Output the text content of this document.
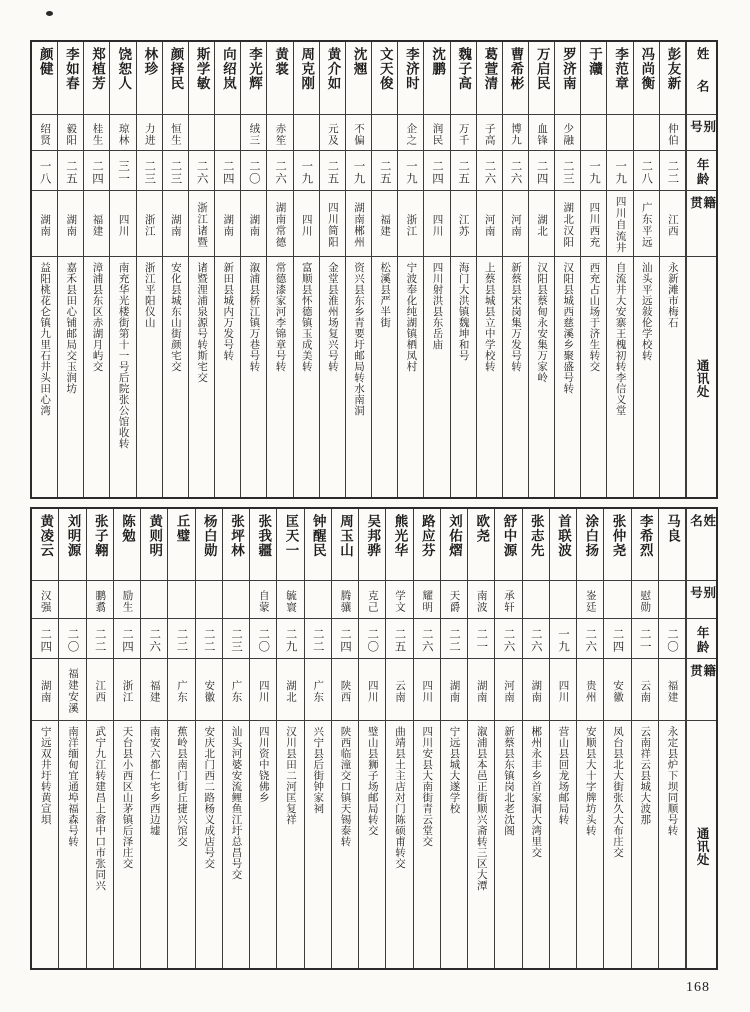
颜健
绍贤
一八
湖南
益阳桃花仑镇九里石井头田心湾
李如春
毅阳
二五
湖南
嘉禾县田心铺邮局交玉润坊
郑植芳
桂生
二四
福建
漳浦县东区赤湖月屿交
饶恕人
琼林
三一
四川
南充华光楼街第十一号后院张公馆收转
林珍
力进
二三
浙江
浙江平阳仪山
颜择民
恒生
二三
湖南
安化县城东山街颜宅交
斯学敏
二六
浙江诸暨
诸暨浬浦泉源号转斯宅交
向绍岚
二四
湖南
新田县城内万发号转
李光辉
绒三
二〇
湖南
溆浦县桥江镇万巷号转
黄裳
赤笙
二六
湖南常德
常德漆家河李锦章号转
周克刚
一九
四川
富顺县怀德镇玉成美转
黄介如
元及
二五
四川简阳
金堂县淮州场复兴号转
沈翘
不偏
一九
湖南郴州
资兴县东乡青要圩邮局转水南洞
文天俊
二五
福建
松溪县严半街
李济时
企之
一九
浙江
宁波奉化纯湖镇栖凤村
沈鹏
润民
二四
四川
四川射洪县东岳庙
魏子高
万千
二五
江苏
海门大洪镇魏坤和号
葛萱清
子高
二六
河南
上蔡县城县立中学校转
曹希彬
博九
二六
河南
新蔡县宋岗集万发号转
万启民
血锋
二四
湖北
汉阳县蔡甸永安集万家岭
罗济南
少融
二三
湖北汉阳
汉阳县城西慈溪乡聚盛号转
于灨
一九
四川西充
西充占山场于济生转交
李范章
一九
四川自流井
自流井大安寨王槐初转李信义堂
冯尚衡
二八
广东平远
汕头平远敍伦学校转
彭友新
仲伯
二二
江西
永新滩市梅石
姓名
别号
年龄
籍贯
通讯处
黄凌云
汉强
二四
湖南
宁远双井圩转黄宣垻
刘明源
二〇
福建安溪
南洋缅甸宜通埠福森号转
张子翱
鹏翥
二二
江西
武宁九江转建昌上畲中口市张同兴
陈勉
励生
二四
浙江
天台县小西区山茅镇后泽庄交
黄则明
二六
福建
南安六都仁宅乡西边墟
丘璧
二二
广东
蕉岭县南门街丘捷兴馆交
杨白勋
二二
安徽
安庆北门西二路杨义成店号交
张坪林
二三
广东
汕头河婆安流鲤鱼江圩总昌号交
张我疆
自蒙
二〇
四川
四川资中铙佛乡
匡天一
毓寰
二九
湖北
汉川县田二河匡复祥
钟醒民
二二
广东
兴宁县后街钟家祠
周玉山
腾骧
二四
陕西
陕西临潼交口镇天锡泰转
吴邦骅
克己
二〇
四川
璧山县狮子场邮局转交
熊光华
学文
二五
云南
曲靖县土主店对门陈硕甫转交
路应芬
耀明
二六
四川
四川安县大南街青云堂交
刘佑熠
天爵
二二
湖南
宁远县城大遂学校
欧尧
南波
二一
湖南
溆浦县本邑正街顺兴斋转三区大潭
舒中源
承轩
二六
河南
新蔡县东镇岗北老沈阁
张志先
二六
湖南
郴州永丰乡首家洞大湾里交
首联波
一九
四川
营山县回龙场邮局转
涂白扬
崟廷
二六
贵州
安顺县大十字牌坊头转
张仲尧
二四
安徽
凤台县北大街张久大布庄交
李希烈
慰勋
二一
云南
云南祥云县城大波那
马良
二〇
福建
永定县炉下坝同顺号转
姓名
别号
年龄
籍贯
通讯处
168
